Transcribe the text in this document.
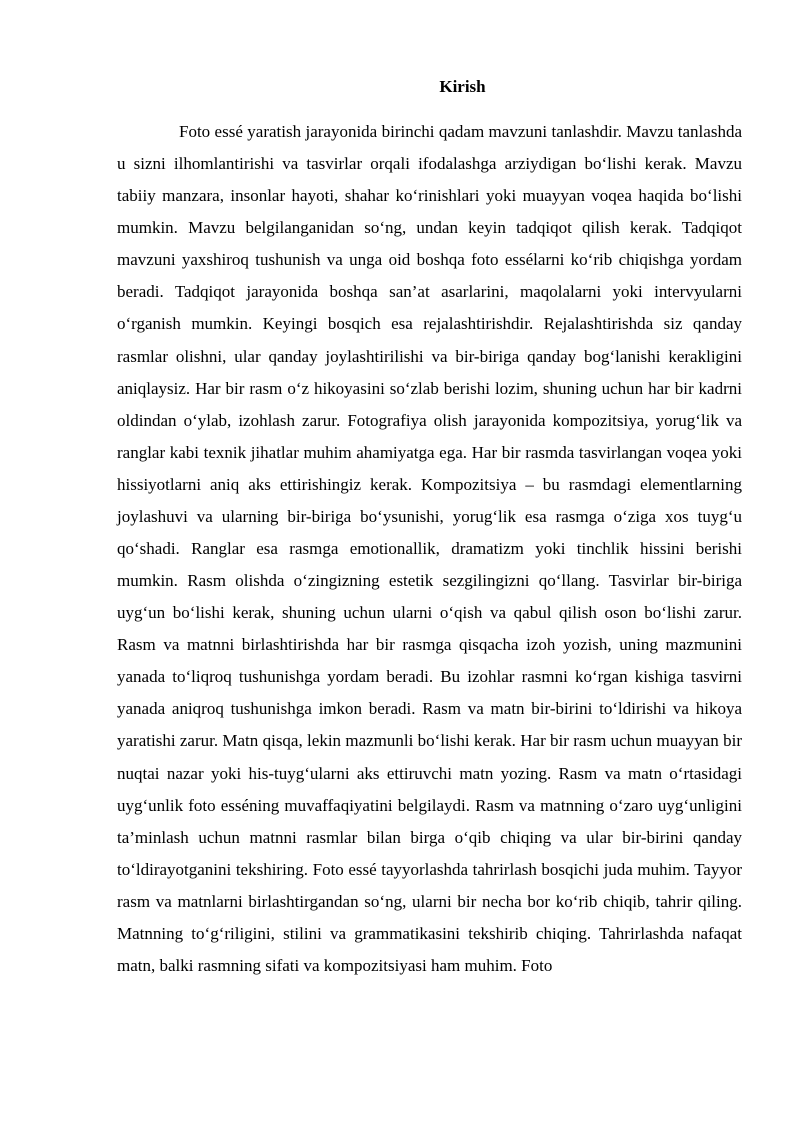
Kirish

Foto essé yaratish jarayonida birinchi qadam mavzuni tanlashdir. Mavzu tanlashda u sizni ilhomlantirishi va tasvirlar orqali ifodalashga arziydigan bo‘lishi kerak. Mavzu tabiiy manzara, insonlar hayoti, shahar ko‘rinishlari yoki muayyan voqea haqida bo‘lishi mumkin. Mavzu belgilanganidan so‘ng, undan keyin tadqiqot qilish kerak. Tadqiqot mavzuni yaxshiroq tushunish va unga oid boshqa foto essélarni ko‘rib chiqishga yordam beradi. Tadqiqot jarayonida boshqa san’at asarlarini, maqolalarni yoki intervyularni o‘rganish mumkin. Keyingi bosqich esa rejalashtirishdir. Rejalashtirishda siz qanday rasmlar olishni, ular qanday joylashtirilishi va bir-biriga qanday bog‘lanishi kerakligini aniqlaysiz. Har bir rasm o‘z hikoyasini so‘zlab berishi lozim, shuning uchun har bir kadrni oldindan o‘ylab, izohlash zarur. Fotografiya olish jarayonida kompozitsiya, yorug‘lik va ranglar kabi texnik jihatlar muhim ahamiyatga ega. Har bir rasmda tasvirlangan voqea yoki hissiyotlarni aniq aks ettirishingiz kerak. Kompozitsiya – bu rasmdagi elementlarning joylashuvi va ularning bir-biriga bo‘ysunishi, yorug‘lik esa rasmga o‘ziga xos tuyg‘u qo‘shadi. Ranglar esa rasmga emotionallik, dramatizm yoki tinchlik hissini berishi mumkin. Rasm olishda o‘zingizning estetik sezgilingizni qo‘llang. Tasvirlar bir-biriga uyg‘un bo‘lishi kerak, shuning uchun ularni o‘qish va qabul qilish oson bo‘lishi zarur. Rasm va matnni birlashtirishda har bir rasmga qisqacha izoh yozish, uning mazmunini yanada to‘liqroq tushunishga yordam beradi. Bu izohlar rasmni ko‘rgan kishiga tasvirni yanada aniqroq tushunishga imkon beradi. Rasm va matn bir-birini to‘ldirishi va hikoya yaratishi zarur. Matn qisqa, lekin mazmunli bo‘lishi kerak. Har bir rasm uchun muayyan bir nuqtai nazar yoki his-tuyg‘ularni aks ettiruvchi matn yozing. Rasm va matn o‘rtasidagi uyg‘unlik foto esséning muvaffaqiyatini belgilaydi. Rasm va matnning o‘zaro uyg‘unligini ta’minlash uchun matnni rasmlar bilan birga o‘qib chiqing va ular bir-birini qanday to‘ldirayotganini tekshiring. Foto essé tayyorlashda tahrirlash bosqichi juda muhim. Tayyor rasm va matnlarni birlashtirgandan so‘ng, ularni bir necha bor ko‘rib chiqib, tahrir qiling. Matnning to‘g‘riligini, stilini va grammatikasini tekshirib chiqing. Tahrirlashda nafaqat matn, balki rasmning sifati va kompozitsiyasi ham muhim. Foto
